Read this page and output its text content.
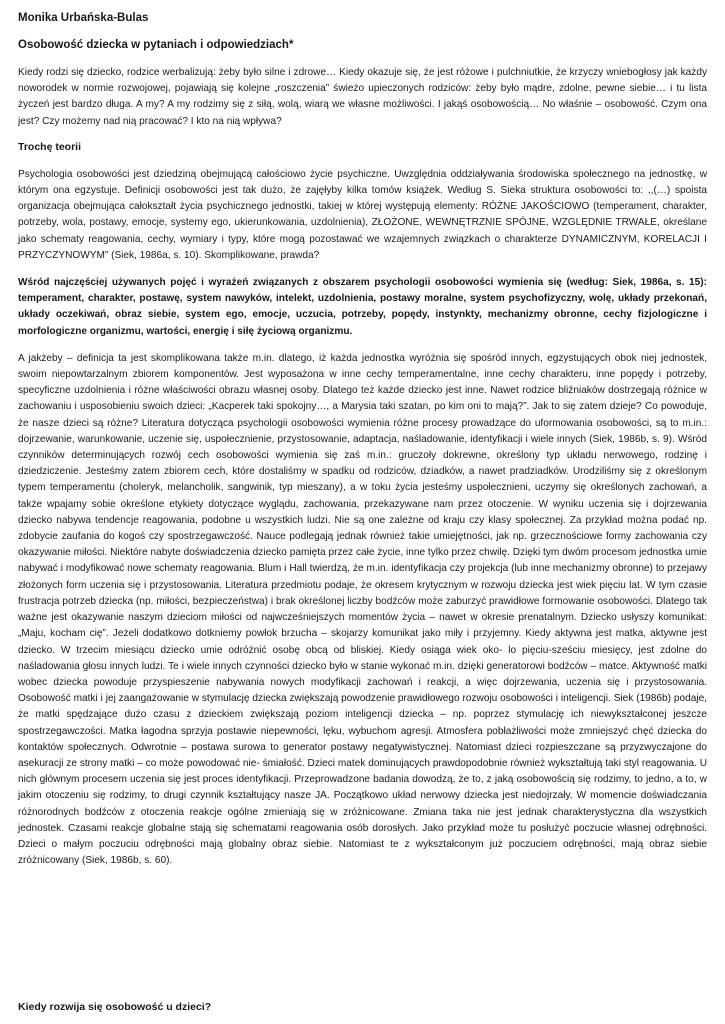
Monika Urbańska-Bulas
Osobowość dziecka w pytaniach i odpowiedziach*

Kiedy rodzi się dziecko, rodzice werbalizują: żeby było silne i zdrowe… Kiedy okazuje się, że jest różowe i pulchniutkie, że krzyczy wniebogłosy jak każdy noworodek w normie rozwojowej, pojawiają się kolejne „roszczenia” świeżo upieczonych rodziców: żeby było mądre, zdolne, pewne siebie… i tu lista życzeń jest bardzo długa. A my? A my rodzimy się z siłą, wolą, wiarą we własne możliwości. I jakąś osobowością… No właśnie – osobowość. Czym ona jest? Czy możemy nad nią pracować? I kto na nią wpływa?

Trochę teorii

Psychologia osobowości jest dziedziną obejmującą całościowo życie psychiczne. Uwzględnia oddziaływania środowiska społecznego na jednostkę, w którym ona egzystuje. Definicji osobowości jest tak dużo, że zajęłyby kilka tomów książek. Według S. Sieka struktura osobowości to: ,,(…) spoista organizacja obejmująca całokształt życia psychicznego jednostki, takiej w której występują elementy: RÓŻNE JAKOŚCIOWO (temperament, charakter, potrzeby, wola, postawy, emocje, systemy ego, ukierunkowania, uzdolnienia), ZŁOŻONE, WEWNĘTRZNIE SPÓJNE, WZGLĘDNIE TRWAŁE, określane jako schematy reagowania, cechy, wymiary i typy, które mogą pozostawać we wzajemnych związkach o charakterze DYNAMICZNYM, KORELACJI I PRZYCZYNOWYM” (Siek, 1986a, s. 10). Skomplikowane, prawda?

Wśród najczęściej używanych pojęć i wyrażeń związanych z obszarem psychologii osobowości wymienia się (według: Siek, 1986a, s. 15): temperament, charakter, postawę, system nawyków, intelekt, uzdolnienia, postawy moralne, system psychofizyczny, wolę, układy przekonań, układy oczekiwań, obraz siebie, system ego, emocje, uczucia, potrzeby, popędy, instynkty, mechanizmy obronne, cechy fizjologiczne i morfologiczne organizmu, wartości, energię i siłę życiową organizmu.

A jakżeby – definicja ta jest skomplikowana także m.in. dlatego, iż każda jednostka wyróżnia się spośród innych, egzystujących obok niej jednostek, swoim niepowtarzalnym zbiorem komponentów. Jest wyposażona w inne cechy temperamentalne, inne cechy charakteru, inne popędy i potrzeby, specyficzne uzdolnienia i różne właściwości obrazu własnej osoby. Dlatego też każde dziecko jest inne. Nawet rodzice bliźniaków dostrzegają różnice w zachowaniu i usposobieniu swoich dzieci: „Kacperek taki spokojny…, a Marysia taki szatan, po kim oni to mają?”. Jak to się zatem dzieje? Co powoduje, że nasze dzieci są różne? Literatura dotycząca psychologii osobowości wymienia różne procesy prowadzące do uformowania osobowości, są to m.in.: dojrzewanie, warunkowanie, uczenie się, uspołecznienie, przystosowanie, adaptacja, naśladowanie, identyfikacji i wiele innych (Siek, 1986b, s. 9). Wśród czynników determinujących rozwój cech osobowości wymienia się zaś m.in.: gruczoły dokrewne, określony typ układu nerwowego, rodzinę i dziedziczenie. Jesteśmy zatem zbiorem cech, które dostaliśmy w spadku od rodziców, dziadków, a nawet pradziadków. Urodziliśmy się z określonym typem temperamentu (choleryk, melancholik, sangwinik, typ mieszany), a w toku życia jesteśmy uspołecznieni, uczymy się określonych zachowań, a także wpajamy sobie określone etykiety dotyczące wyglądu, zachowania, przekazywane nam przez otoczenie. W wyniku uczenia się i dojrzewania dziecko nabywa tendencje reagowania, podobne u wszystkich ludzi. Nie są one zależne od kraju czy klasy społecznej. Za przykład można podać np. zdobycie zaufania do kogoś czy spostrzegawczość. Nauce podlegają jednak również takie umiejętności, jak np. grzecznościowe formy zachowania czy okazywanie miłości. Niektóre nabyte doświadczenia dziecko pamięta przez całe życie, inne tylko przez chwilę. Dzięki tym dwóm procesom jednostka umie nabywać i modyfikować nowe schematy reagowania. Blum i Hall twierdzą, że m.in. identyfikacja czy projekcja (lub inne mechanizmy obronne) to przejawy złożonych form uczenia się i przystosowania. Literatura przedmiotu podaje, że okresem krytycznym w rozwoju dziecka jest wiek pięciu lat. W tym czasie frustracja potrzeb dziecka (np. miłości, bezpieczeństwa) i brak określonej liczby bodźców może zaburzyć prawidłowe formowanie osobowości. Dlatego tak ważne jest okazywanie naszym dzieciom miłości od najwcześniejszych momentów życia – nawet w okresie prenatalnym. Dziecko usłyszy komunikat: „Maju, kocham cię”. Jeżeli dodatkowo dotkniemy powłok brzucha – skojarzy komunikat jako miły i przyjemny. Kiedy aktywna jest matka, aktywne jest dziecko. W trzecim miesiącu dziecko umie odróżnić osobę obcą od bliskiej. Kiedy osiąga wiek oko- lo pięciu-sześciu miesięcy, jest zdolne do naśladowania głosu innych ludzi. Te i wiele innych czynności dziecko było w stanie wykonać m.in. dzięki generatorowi bodźców – matce. Aktywność matki wobec dziecka powoduje przyspieszenie nabywania nowych modyfikacji zachowań i reakcji, a więc dojrzewania, uczenia się i przystosowania. Osobowość matki i jej zaangażowanie w stymulację dziecka zwiększają powodzenie prawidłowego rozwoju osobowości i inteligencji. Siek (1986b) podaje, że matki spędzające dużo czasu z dzieckiem zwiększają poziom inteligencji dziecka – np. poprzez stymulację ich niewykształconej jeszcze spostrzegawczości. Matka łagodna sprzyja postawie niepewności, lęku, wybuchom agresji. Atmosfera pobłażliwości może zmniejszyć chęć dziecka do kontaktów społecznych. Odwrotnie – postawa surowa to generator postawy negatywistycznej. Natomiast dzieci rozpieszczane są przyzwyczajone do asekuracji ze strony matki – co może powodować nie- śmiałość. Dzieci matek dominujących prawdopodobnie również wykształtują taki styl reagowania. U nich głównym procesem uczenia się jest proces identyfikacji. Przeprowadzone badania dowodzą, że to, z jaką osobowością się rodzimy, to jedno, a to, w jakim otoczeniu się rodzimy, to drugi czynnik kształtujący nasze JA. Początkowo układ nerwowy dziecka jest niedojrzały. W momencie doświadczania różnorodnych bodźców z otoczenia reakcje ogólne zmieniają się w zróżnicowane. Zmiana taka nie jest jednak charakterystyczna dla wszystkich jednostek. Czasami reakcje globalne stają się schematami reagowania osób dorosłych. Jako przykład może tu posłużyć poczucie własnej odrębności. Dzieci o małym poczuciu odrębności mają globalny obraz siebie. Natomiast te z wykształconym już poczuciem odrębności, mają obraz siebie zróżnicowany (Siek, 1986b, s. 60).

Kiedy rozwija się osobowość u dzieci?
